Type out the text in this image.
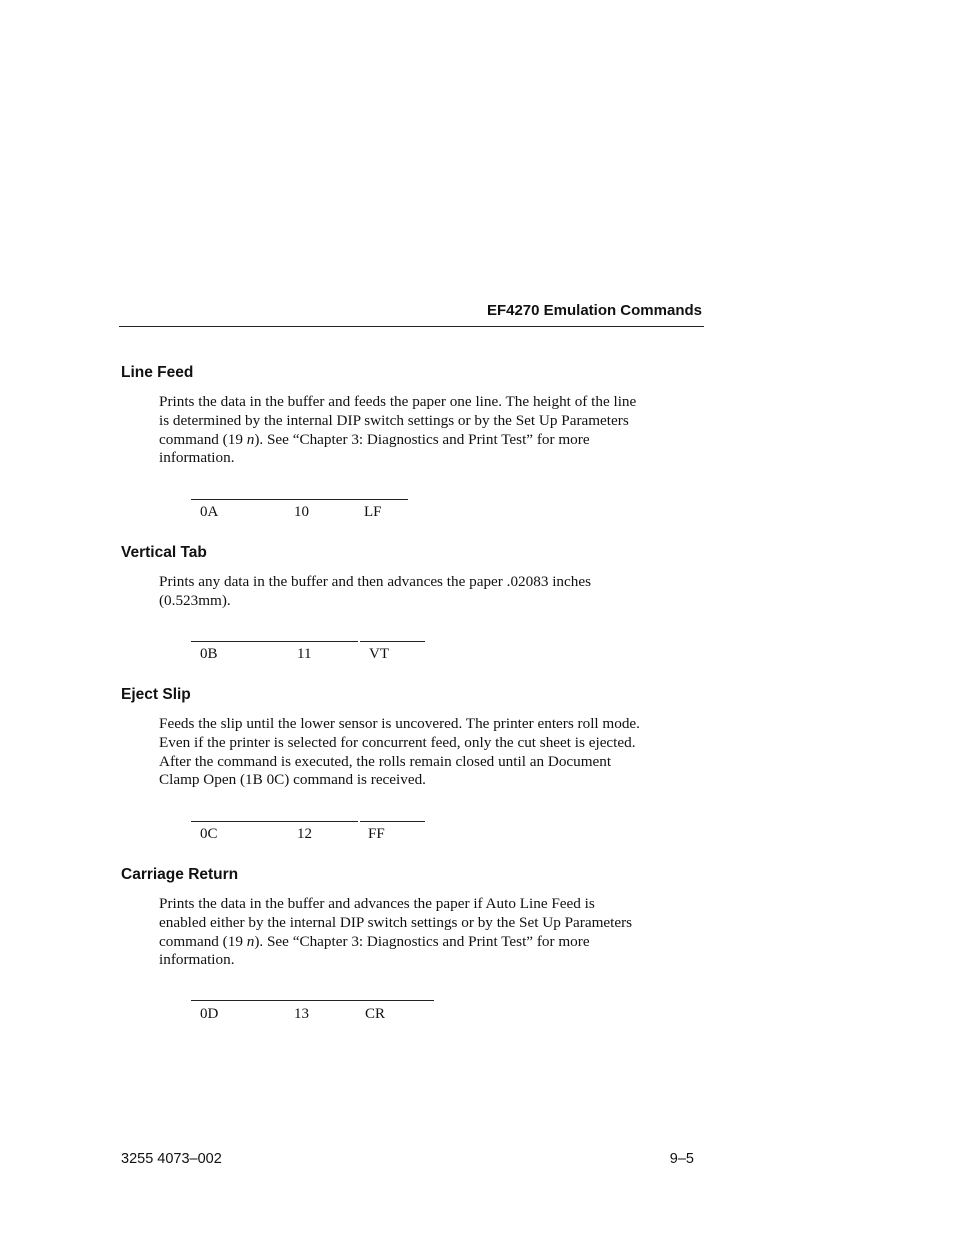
EF4270 Emulation Commands
Line Feed

Prints the data in the buffer and feeds the paper one line. The height of the line

is determined by the internal DIP switch settings or by the Set Up Parameters

command (19 n). See “Chapter 3: Diagnostics and Print Test” for more

information.

0A	10	LF
Vertical Tab

Prints any data in the buffer and then advances the paper .02083 inches

(0.523mm).

0B	11	VT
Eject Slip

Feeds the slip until the lower sensor is uncovered. The printer enters roll mode.

Even if the printer is selected for concurrent feed, only the cut sheet is ejected.

After the command is executed, the rolls remain closed until an Document

Clamp Open (1B 0C) command is received.

0C	12	FF
Carriage Return

Prints the data in the buffer and advances the paper if Auto Line Feed is

enabled either by the internal DIP switch settings or by the Set Up Parameters

command (19 n). See “Chapter 3: Diagnostics and Print Test” for more

information.

0D	13	CR
3255 4073–002	9–5
